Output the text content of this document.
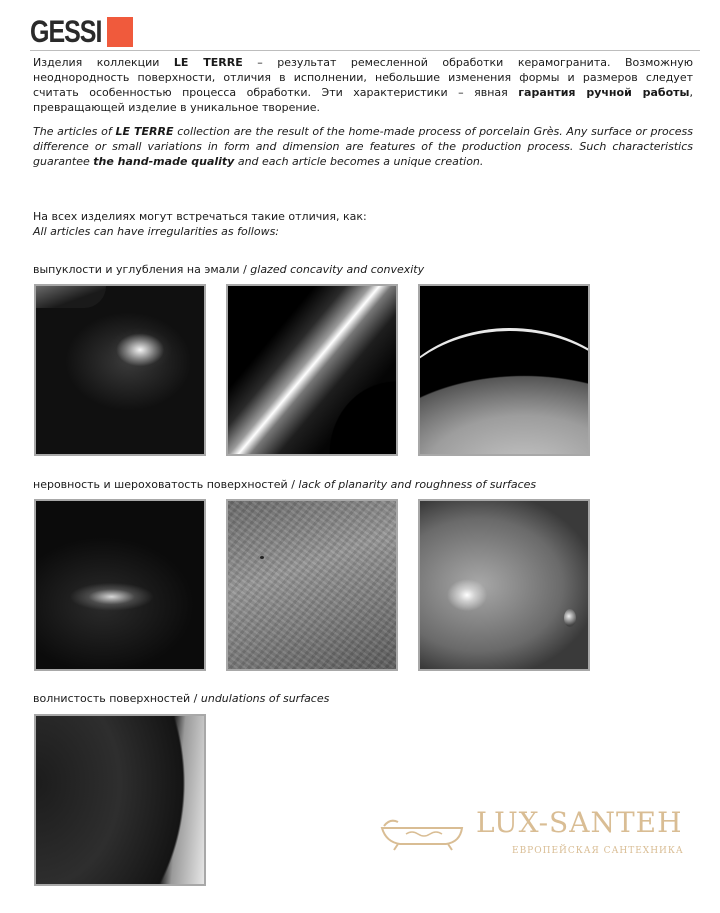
GESSI

Изделия коллекции LE TERRE – результат ремесленной обработки керамогранита. Возможную неоднородность поверхности, отличия в исполнении, небольшие изменения формы и размеров следует считать особенностью процесса обработки. Эти характеристики – явная гарантия ручной работы, превращающей изделие в уникальное творение.

The articles of LE TERRE collection are the result of the home-made process of porcelain Grès. Any surface or process difference or small variations in form and dimension are features of the production process. Such characteristics guarantee the hand-made quality and each article becomes a unique creation.

На всех изделиях могут встречаться такие отличия, как:
All articles can have irregularities as follows:
выпуклости и углубления на эмали / glazed concavity and convexity
неровность и шероховатость поверхностей / lack of planarity and roughness of surfaces
волнистость поверхностей / undulations of surfaces
LUX-SANTEH
ЕВРОПЕЙСКАЯ САНТЕХНИКА
